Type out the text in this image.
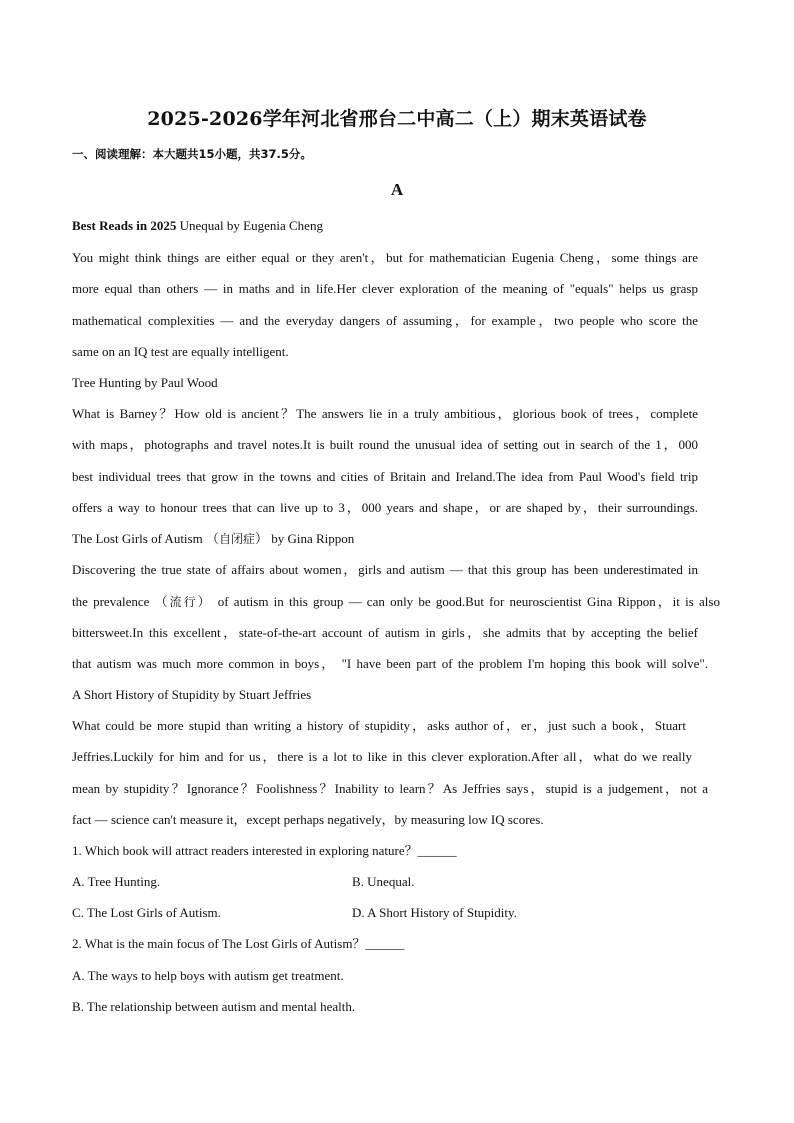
2025-2026学年河北省邢台二中高二（上）期末英语试卷
一、阅读理解：本大题共15小题，共37.5分。
A
Best Reads in 2025 Unequal by Eugenia Cheng
You might think things are either equal or they aren't，but for mathematician Eugenia Cheng，some things are
more equal than others — in maths and in life.Her clever exploration of the meaning of "equals" helps us grasp
mathematical complexities — and the everyday dangers of assuming，for example，two people who score the
same on an IQ test are equally intelligent.
Tree Hunting by Paul Wood
What is Barney？How old is ancient？The answers lie in a truly ambitious，glorious book of trees，complete
with maps，photographs and travel notes.It is built round the unusual idea of setting out in search of the 1，000
best individual trees that grow in the towns and cities of Britain and Ireland.The idea from Paul Wood's field trip
offers a way to honour trees that can live up to 3，000 years and shape，or are shaped by，their surroundings.
The Lost Girls of Autism （自闭症） by Gina Rippon
Discovering the true state of affairs about women，girls and autism — that this group has been underestimated in
the prevalence （流行） of autism in this group — can only be good.But for neuroscientist Gina Rippon，it is also
bittersweet.In this excellent，state-of-the-art account of autism in girls，she admits that by accepting the belief
that autism was much more common in boys， "I have been part of the problem I'm hoping this book will solve".
A Short History of Stupidity by Stuart Jeffries
What could be more stupid than writing a history of stupidity，asks author of，er，just such a book，Stuart
Jeffries.Luckily for him and for us，there is a lot to like in this clever exploration.After all，what do we really
mean by stupidity？Ignorance？Foolishness？Inability to learn？As Jeffries says，stupid is a judgement，not a
fact — science can't measure it，except perhaps negatively，by measuring low IQ scores.
1. Which book will attract readers interested in exploring nature？______
A. Tree Hunting.	B. Unequal.
C. The Lost Girls of Autism.	D. A Short History of Stupidity.
2. What is the main focus of The Lost Girls of Autism？______
A. The ways to help boys with autism get treatment.
B. The relationship between autism and mental health.
